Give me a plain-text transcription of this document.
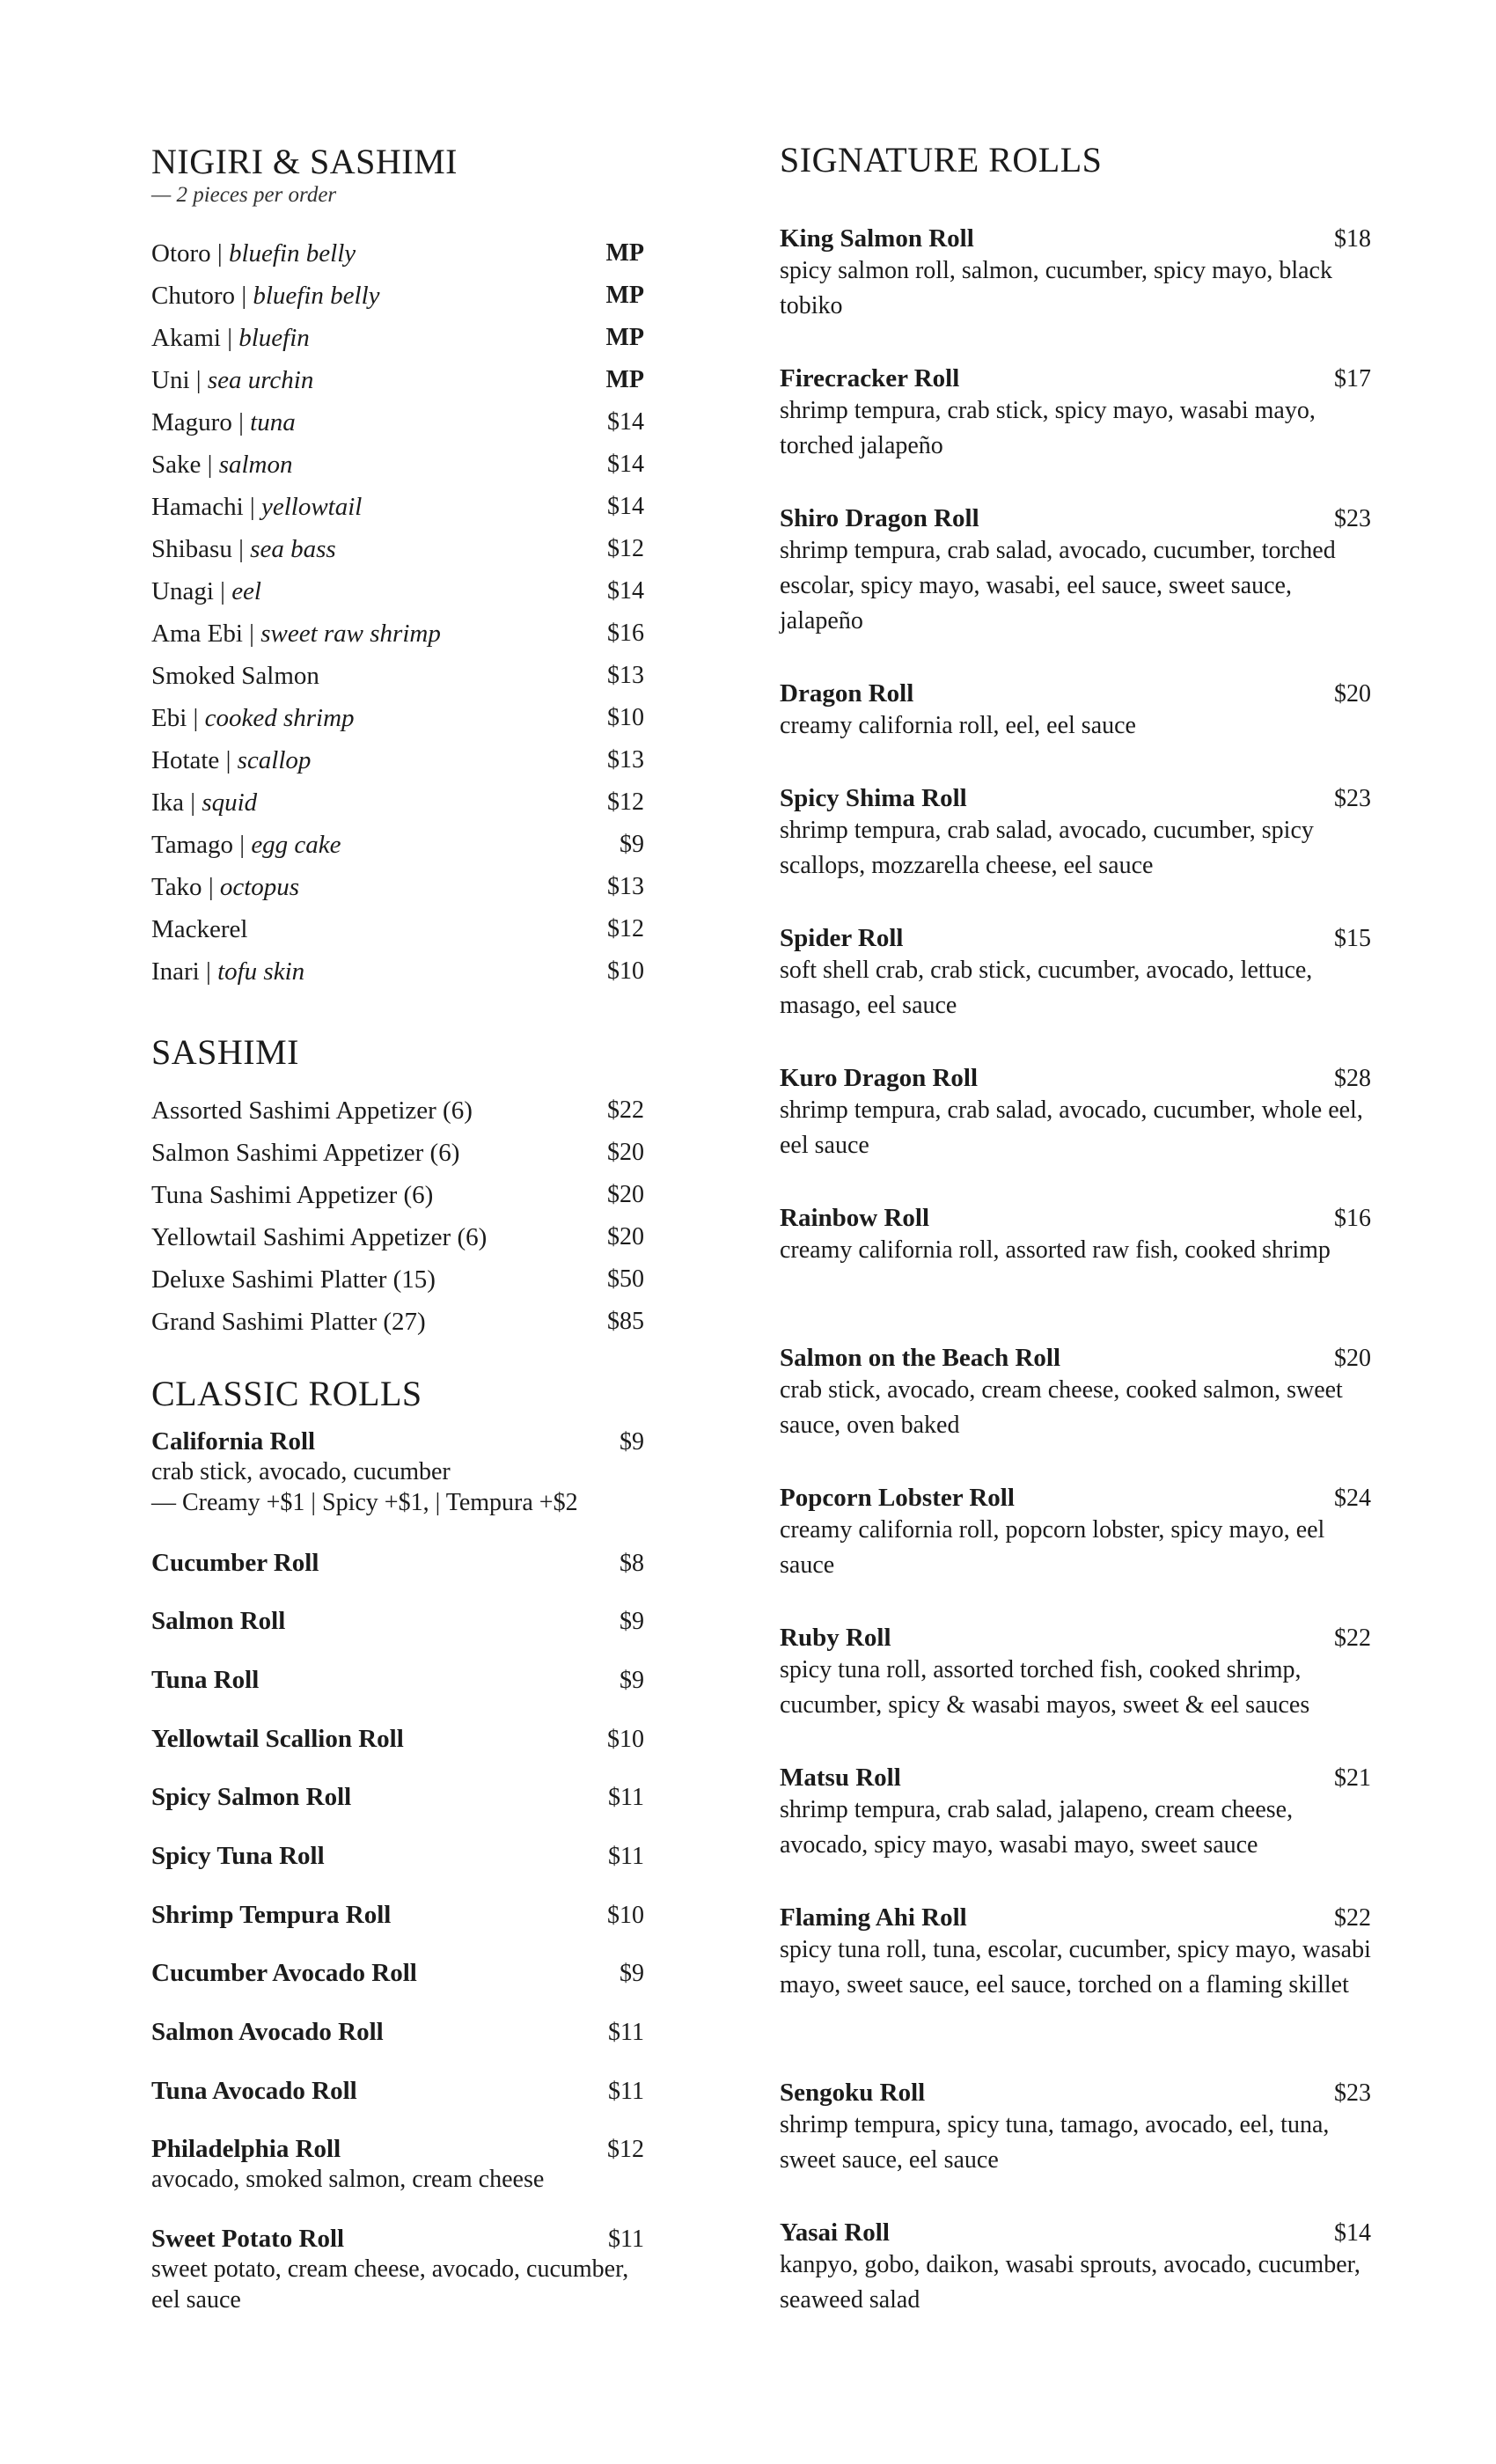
NIGIRI & SASHIMI
— 2 pieces per order
Otoro | bluefin belly	MP
Chutoro | bluefin belly	MP
Akami | bluefin	MP
Uni | sea urchin	MP
Maguro | tuna	$14
Sake | salmon	$14
Hamachi | yellowtail	$14
Shibasu | sea bass	$12
Unagi | eel	$14
Ama Ebi | sweet raw shrimp	$16
Smoked Salmon	$13
Ebi | cooked shrimp	$10
Hotate | scallop	$13
Ika | squid	$12
Tamago | egg cake	$9
Tako | octopus	$13
Mackerel	$12
Inari | tofu skin	$10
SASHIMI
Assorted Sashimi Appetizer (6)	$22
Salmon Sashimi Appetizer (6)	$20
Tuna Sashimi Appetizer (6)	$20
Yellowtail Sashimi Appetizer (6)	$20
Deluxe Sashimi Platter (15)	$50
Grand Sashimi Platter (27)	$85
CLASSIC ROLLS
California Roll	$9
crab stick, avocado, cucumber
— Creamy +$1 | Spicy +$1, | Tempura +$2
Cucumber Roll	$8
Salmon Roll	$9
Tuna Roll	$9
Yellowtail Scallion Roll	$10
Spicy Salmon Roll	$11
Spicy Tuna Roll	$11
Shrimp Tempura Roll	$10
Cucumber Avocado Roll	$9
Salmon Avocado Roll	$11
Tuna Avocado Roll	$11
Philadelphia Roll	$12
avocado, smoked salmon, cream cheese
Sweet Potato Roll	$11
sweet potato, cream cheese, avocado, cucumber, eel sauce
SIGNATURE ROLLS
King Salmon Roll	$18
spicy salmon roll, salmon, cucumber, spicy mayo, black tobiko
Firecracker Roll	$17
shrimp tempura, crab stick, spicy mayo, wasabi mayo, torched jalapeño
Shiro Dragon Roll	$23
shrimp tempura, crab salad, avocado, cucumber, torched escolar, spicy mayo, wasabi, eel sauce, sweet sauce, jalapeño
Dragon Roll	$20
creamy california roll, eel, eel sauce
Spicy Shima Roll	$23
shrimp tempura, crab salad, avocado, cucumber, spicy scallops, mozzarella cheese, eel sauce
Spider Roll	$15
soft shell crab, crab stick, cucumber, avocado, lettuce, masago, eel sauce
Kuro Dragon Roll	$28
shrimp tempura, crab salad, avocado, cucumber, whole eel, eel sauce
Rainbow Roll	$16
creamy california roll, assorted raw fish, cooked shrimp
Salmon on the Beach Roll	$20
crab stick, avocado, cream cheese, cooked salmon, sweet sauce, oven baked
Popcorn Lobster Roll	$24
creamy california roll, popcorn lobster, spicy mayo, eel sauce
Ruby Roll	$22
spicy tuna roll, assorted torched fish, cooked shrimp, cucumber, spicy & wasabi mayos, sweet & eel sauces
Matsu Roll	$21
shrimp tempura, crab salad, jalapeno, cream cheese, avocado, spicy mayo, wasabi mayo, sweet sauce
Flaming Ahi Roll	$22
spicy tuna roll, tuna, escolar, cucumber, spicy mayo, wasabi mayo, sweet sauce, eel sauce, torched on a flaming skillet
Sengoku Roll	$23
shrimp tempura, spicy tuna, tamago, avocado, eel, tuna, sweet sauce, eel sauce
Yasai Roll	$14
kanpyo, gobo, daikon, wasabi sprouts, avocado, cucumber, seaweed salad
